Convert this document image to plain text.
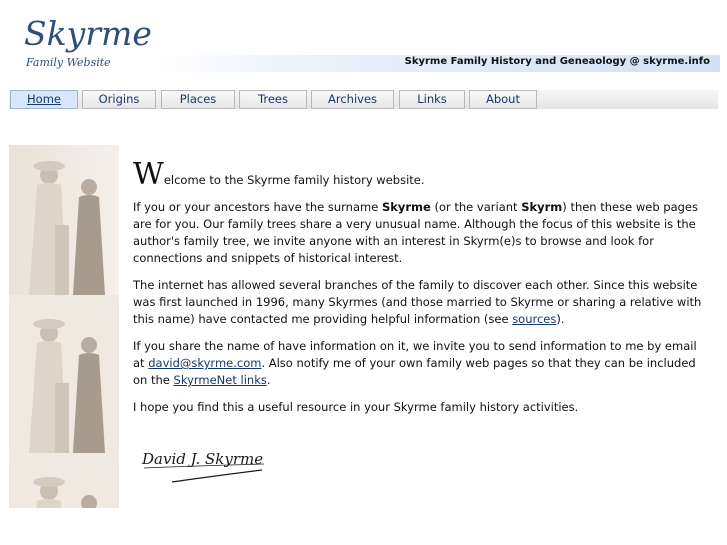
Skyrme
Family Website	Skyrme Family History and Geneaology @ skyrme.info
Home	Origins	Places	Trees	Archives	Links	About

Welcome to the Skyrme family history website.

If you or your ancestors have the surname Skyrme (or the variant Skyrm) then these web pages are for you. Our family trees share a very unusual name. Although the focus of this website is the author's family tree, we invite anyone with an interest in Skyrm(e)s to browse and look for connections and snippets of historical interest.

The internet has allowed several branches of the family to discover each other. Since this website was first launched in 1996, many Skyrmes (and those married to Skyrme or sharing a relative with this name) have contacted me providing helpful information (see sources).

If you share the name of have information on it, we invite you to send information to me by email at david@skyrme.com. Also notify me of your own family web pages so that they can be included on the SkyrmeNet links.

I hope you find this a useful resource in your Skyrme family history activities.

David J. Skyrme
